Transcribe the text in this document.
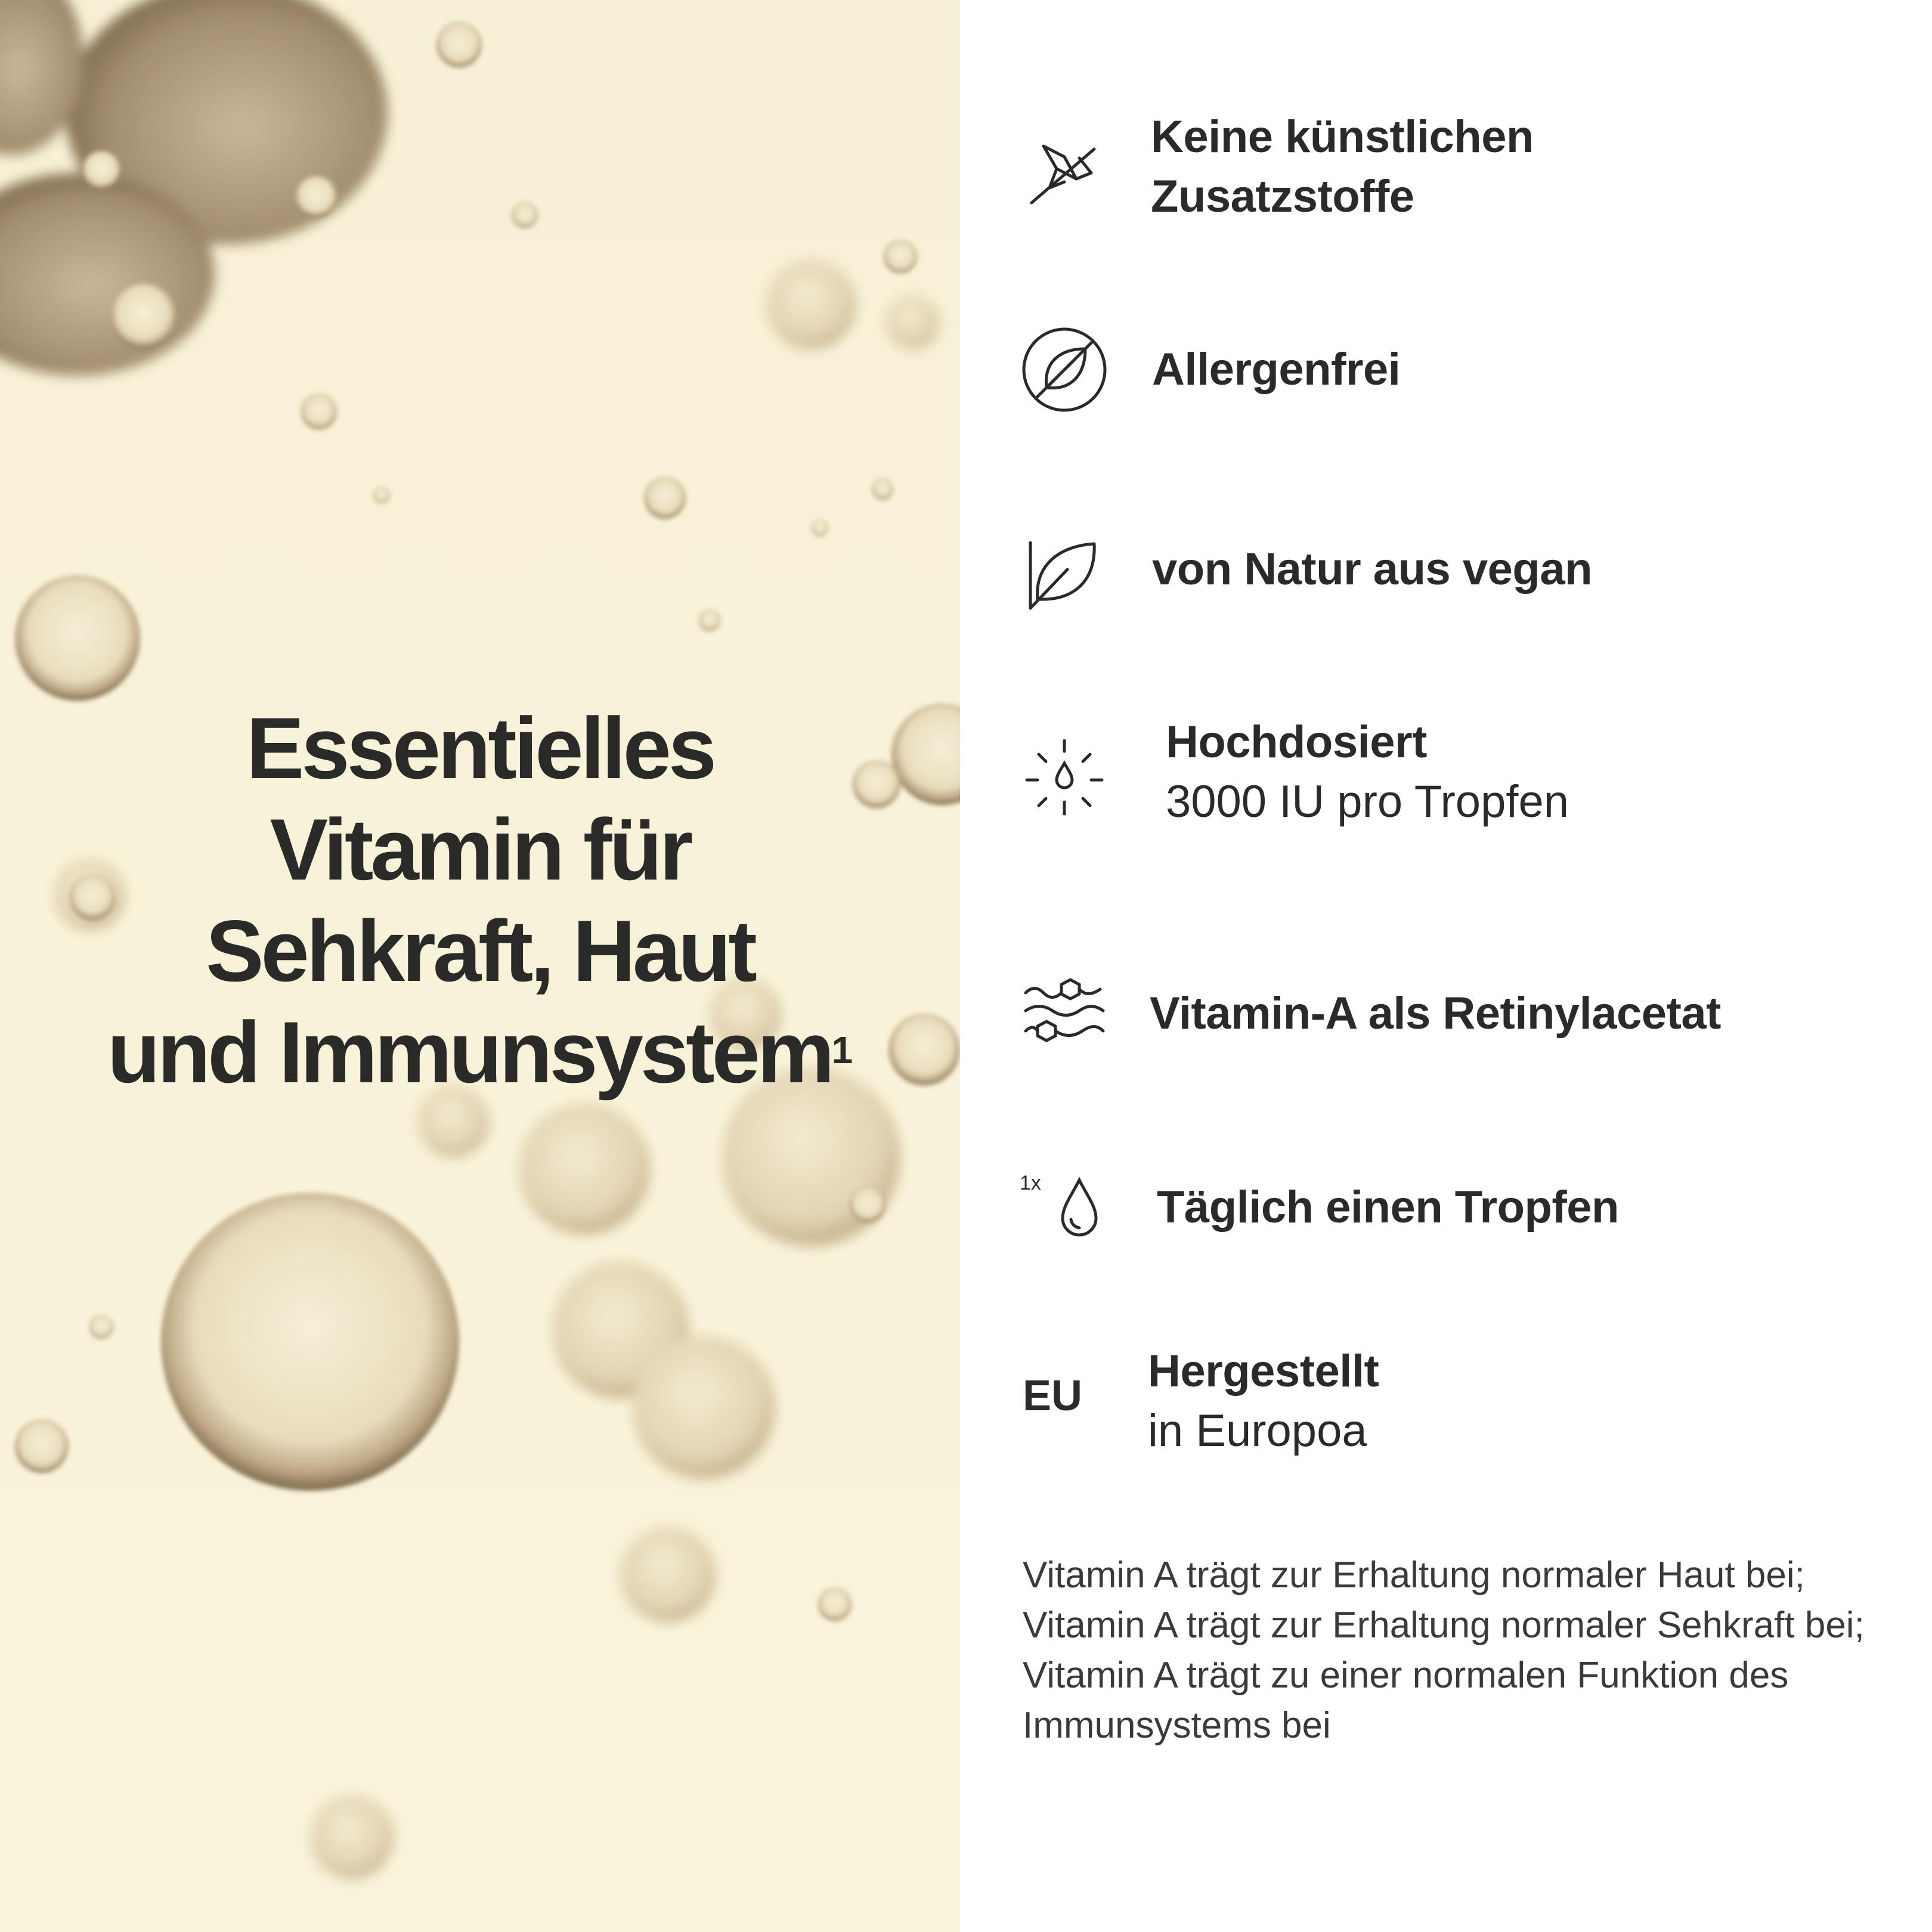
Essentielles
Vitamin für
Sehkraft, Haut
und Immunsystem$^1$
Keine künstlichen
Zusatzstoffe
Allergenfrei
von Natur aus vegan
Hochdosiert
3000 IU pro Tropfen
Vitamin-A als Retinylacetat
1x	Täglich einen Tropfen
EU Hergestellt
in Europoa
Vitamin A trägt zur Erhaltung normaler Haut bei; Vitamin A trägt zur Erhaltung normaler Sehkraft bei; Vitamin A trägt zu einer normalen Funktion des Immunsystems bei
